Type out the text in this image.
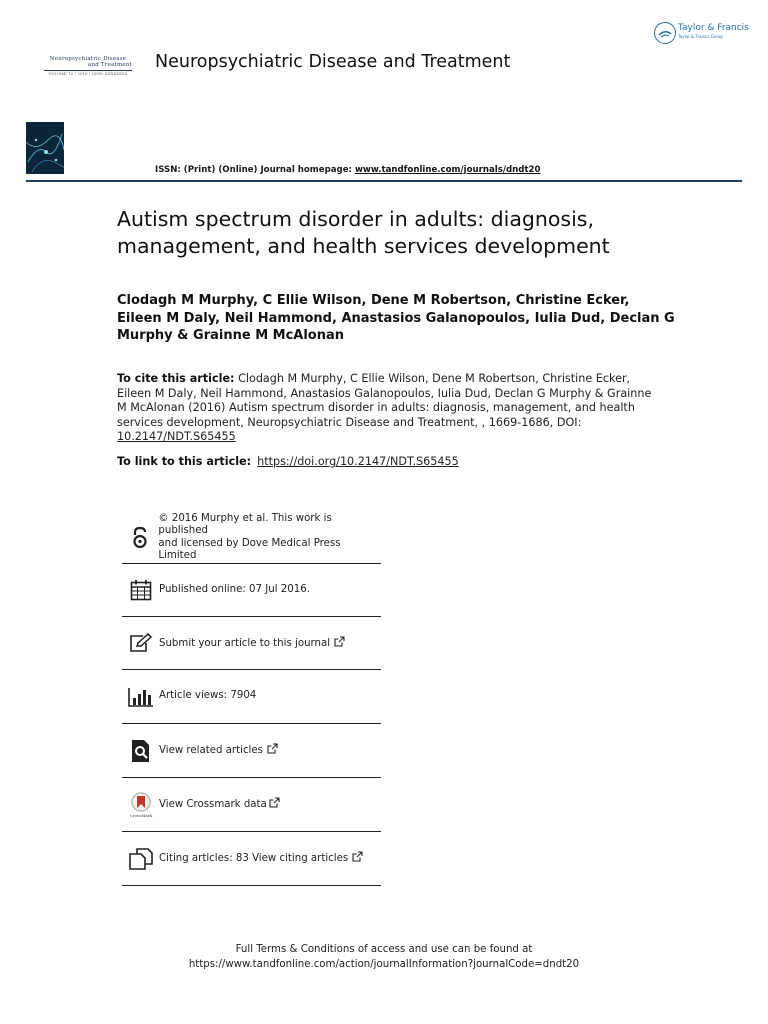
Neuropsychiatric Disease
and Treatment
VOLUME 12 | 2016 | ISSN: XXXXXXXX
Neuropsychiatric Disease and Treatment
Taylor & Francis
Taylor & Francis Group
ISSN: (Print) (Online) Journal homepage: www.tandfonline.com/journals/dndt20
Autism spectrum disorder in adults: diagnosis, management, and health services development
Clodagh M Murphy, C Ellie Wilson, Dene M Robertson, Christine Ecker, Eileen M Daly, Neil Hammond, Anastasios Galanopoulos, Iulia Dud, Declan G Murphy & Grainne M McAlonan
To cite this article: Clodagh M Murphy, C Ellie Wilson, Dene M Robertson, Christine Ecker, Eileen M Daly, Neil Hammond, Anastasios Galanopoulos, Iulia Dud, Declan G Murphy & Grainne M McAlonan (2016) Autism spectrum disorder in adults: diagnosis, management, and health services development, Neuropsychiatric Disease and Treatment, , 1669-1686, DOI: 10.2147/NDT.S65455
To link to this article: https://doi.org/10.2147/NDT.S65455
© 2016 Murphy et al. This work is published
and licensed by Dove Medical Press Limited
Published online: 07 Jul 2016.
Submit your article to this journal
Article views: 7904
View related articles
CrossMark
View Crossmark data
Citing articles: 83 View citing articles
Full Terms & Conditions of access and use can be found at
https://www.tandfonline.com/action/journalInformation?journalCode=dndt20
